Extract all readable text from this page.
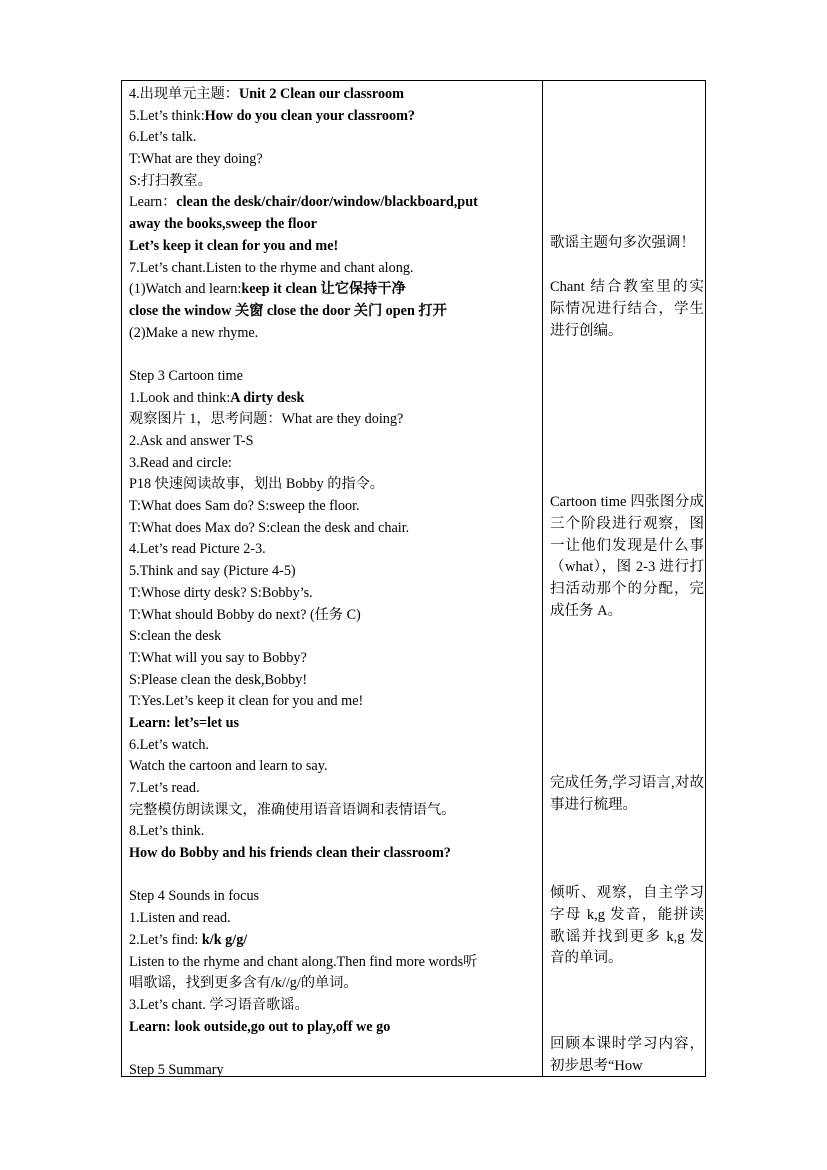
4.出现单元主题：Unit 2 Clean our classroom
5.Let’s think:How do you clean your classroom?
6.Let’s talk.
T:What are they doing?
S:打扫教室。
Learn：clean the desk/chair/door/window/blackboard,put
away the books,sweep the floor
Let’s keep it clean for you and me!
7.Let’s chant.Listen to the rhyme and chant along.
(1)Watch and learn:keep it clean 让它保持干净
close the window 关窗 close the door 关门 open 打开
(2)Make a new rhyme.
Step 3 Cartoon time
1.Look and think:A dirty desk
观察图片 1，思考问题：What are they doing?
2.Ask and answer T-S
3.Read and circle:
P18 快速阅读故事，划出 Bobby 的指令。
T:What does Sam do? S:sweep the floor.
T:What does Max do? S:clean the desk and chair.
4.Let’s read Picture 2-3.
5.Think and say (Picture 4-5)
T:Whose dirty desk? S:Bobby’s.
T:What should Bobby do next? (任务 C)
S:clean the desk
T:What will you say to Bobby?
S:Please clean the desk,Bobby!
T:Yes.Let’s keep it clean for you and me!
Learn: let’s=let us
6.Let’s watch.
Watch the cartoon and learn to say.
7.Let’s read.
完整模仿朗读课文，准确使用语音语调和表情语气。
8.Let’s think.
How do Bobby and his friends clean their classroom?
Step 4 Sounds in focus
1.Listen and read.
2.Let’s find: k/k g/g/
Listen to the rhyme and chant along.Then find more words听
唱歌谣，找到更多含有/k//g/的单词。
3.Let’s chant. 学习语音歌谣。
Learn: look outside,go out to play,off we go
Step 5 Summary
歌谣主题句多次强调！
Chant 结合教室里的实际情况进行结合，学生进行创编。
Cartoon time 四张图分成三个阶段进行观察，图一让他们发现是什么事（what），图 2-3 进行打扫活动那个的分配，完成任务 A。
完成任务,学习语言,对故事进行梳理。
倾听、观察，自主学习字母 k,g 发音，能拼读歌谣并找到更多 k,g 发音的单词。
回顾本课时学习内容，初步思考“How
